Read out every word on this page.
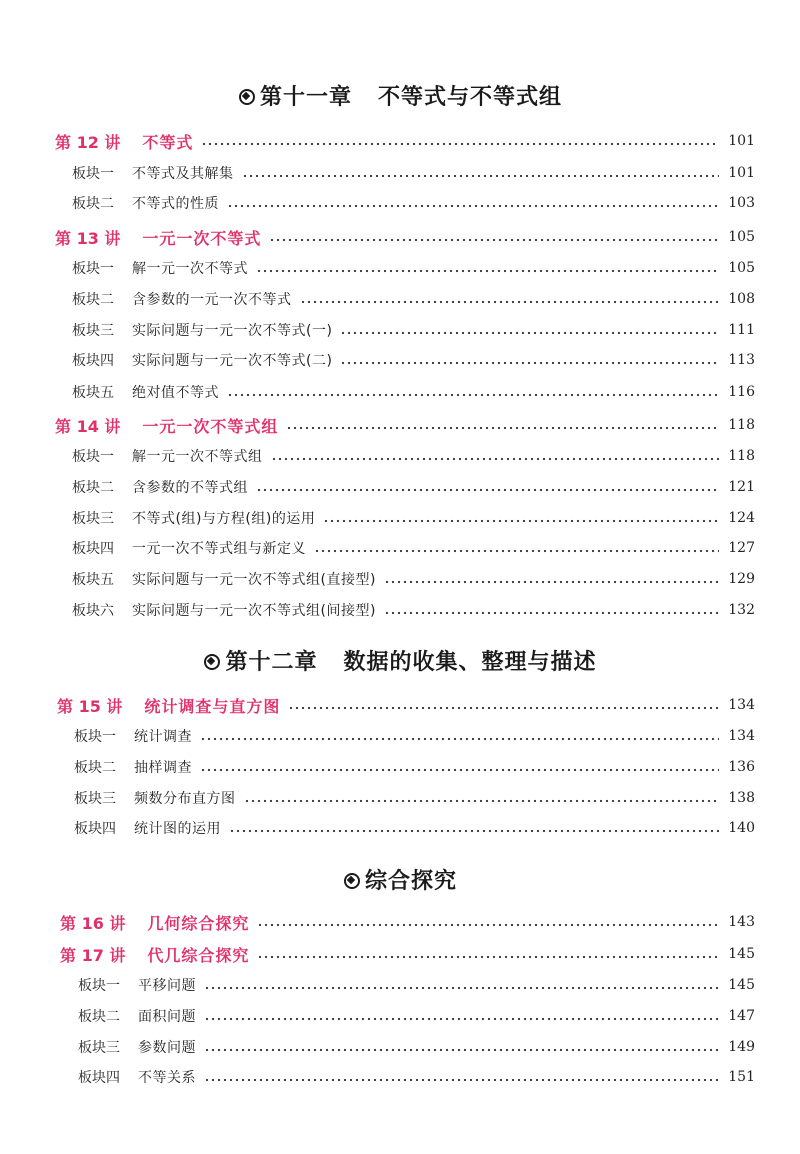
第十一章 不等式与不等式组
第 12 讲 不等式	101
板块一 不等式及其解集	101
板块二 不等式的性质	103
第 13 讲 一元一次不等式	105
板块一 解一元一次不等式	105
板块二 含参数的一元一次不等式	108
板块三 实际问题与一元一次不等式(一)	111
板块四 实际问题与一元一次不等式(二)	113
板块五 绝对值不等式	116
第 14 讲 一元一次不等式组	118
板块一 解一元一次不等式组	118
板块二 含参数的不等式组	121
板块三 不等式(组)与方程(组)的运用	124
板块四 一元一次不等式组与新定义	127
板块五 实际问题与一元一次不等式组(直接型)	129
板块六 实际问题与一元一次不等式组(间接型)	132
第十二章 数据的收集、整理与描述
第 15 讲 统计调查与直方图	134
板块一 统计调查	134
板块二 抽样调查	136
板块三 频数分布直方图	138
板块四 统计图的运用	140
综合探究
第 16 讲 几何综合探究	143
第 17 讲 代几综合探究	145
板块一 平移问题	145
板块二 面积问题	147
板块三 参数问题	149
板块四 不等关系	151
